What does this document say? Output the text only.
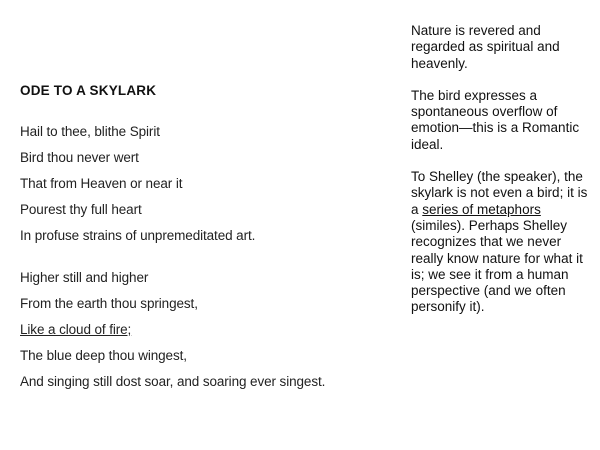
ODE TO A SKYLARK
Hail to thee, blithe Spirit
Bird thou never wert
That from Heaven or near it
Pourest thy full heart
In profuse strains of unpremeditated art.
Higher still and higher
From the earth thou springest,
Like a cloud of fire;
The blue deep thou wingest,
And singing still dost soar, and soaring ever singest.

Nature is revered and regarded as spiritual and heavenly.

The bird expresses a spontaneous overflow of emotion—this is a Romantic ideal.

To Shelley (the speaker), the skylark is not even a bird; it is a series of metaphors (similes). Perhaps Shelley recognizes that we never really know nature for what it is; we see it from a human perspective (and we often personify it).
